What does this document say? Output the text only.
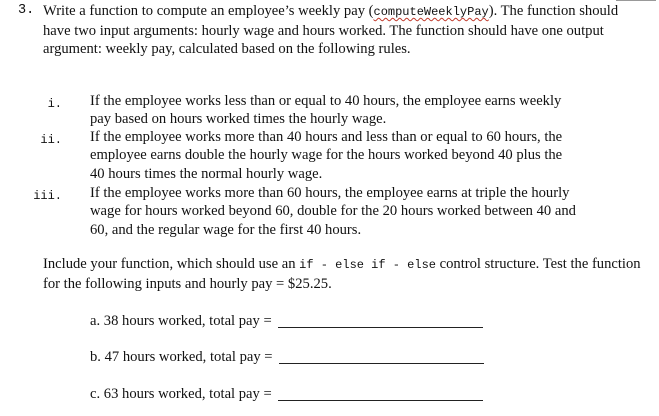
3. Write a function to compute an employee’s weekly pay (computeWeeklyPay). The function should have two input arguments: hourly wage and hours worked. The function should have one output argument: weekly pay, calculated based on the following rules.
i. If the employee works less than or equal to 40 hours, the employee earns weekly pay based on hours worked times the hourly wage.
ii. If the employee works more than 40 hours and less than or equal to 60 hours, the employee earns double the hourly wage for the hours worked beyond 40 plus the 40 hours times the normal hourly wage.
iii. If the employee works more than 60 hours, the employee earns at triple the hourly wage for hours worked beyond 60, double for the 20 hours worked between 40 and 60, and the regular wage for the first 40 hours.
Include your function, which should use an if - else if - else control structure. Test the function for the following inputs and hourly pay = $25.25.
a. 38 hours worked, total pay =
b. 47 hours worked, total pay =
c. 63 hours worked, total pay =
